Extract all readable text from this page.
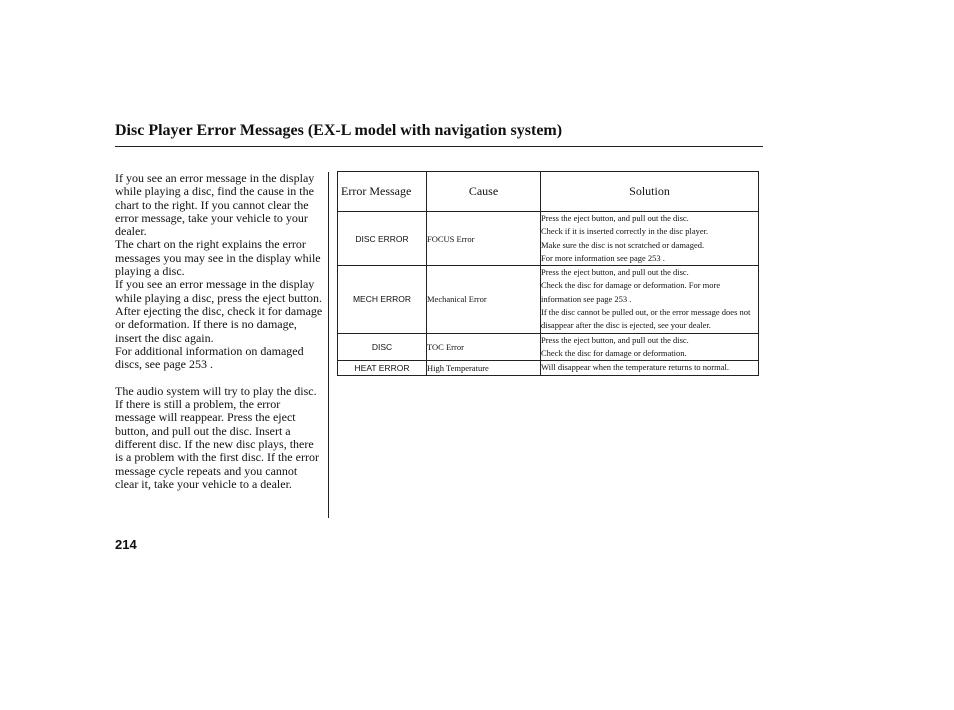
Disc Player Error Messages (EX-L model with navigation system)

If you see an error message in the display while playing a disc, find the cause in the chart to the right. If you cannot clear the error message, take your vehicle to your dealer.

The chart on the right explains the error messages you may see in the display while playing a disc.

If you see an error message in the display while playing a disc, press the eject button. After ejecting the disc, check it for damage or deformation. If there is no damage, insert the disc again.

For additional information on damaged discs, see page 253 .

The audio system will try to play the disc. If there is still a problem, the error message will reappear. Press the eject button, and pull out the disc. Insert a different disc. If the new disc plays, there is a problem with the first disc. If the error message cycle repeats and you cannot clear it, take your vehicle to a dealer.

Error Message	Cause	Solution
DISC ERROR	FOCUS Error	Press the eject button, and pull out the disc.
Check if it is inserted correctly in the disc player.
Make sure the disc is not scratched or damaged.
For more information see page 253 .

MECH ERROR	Mechanical Error	Press the eject button, and pull out the disc.
Check the disc for damage or deformation. For more information see page 253 .
If the disc cannot be pulled out, or the error message does not disappear after the disc is ejected, see your dealer.

DISC	TOC Error	Press the eject button, and pull out the disc.
Check the disc for damage or deformation.

HEAT ERROR	High Temperature	Will disappear when the temperature returns to normal.
214
